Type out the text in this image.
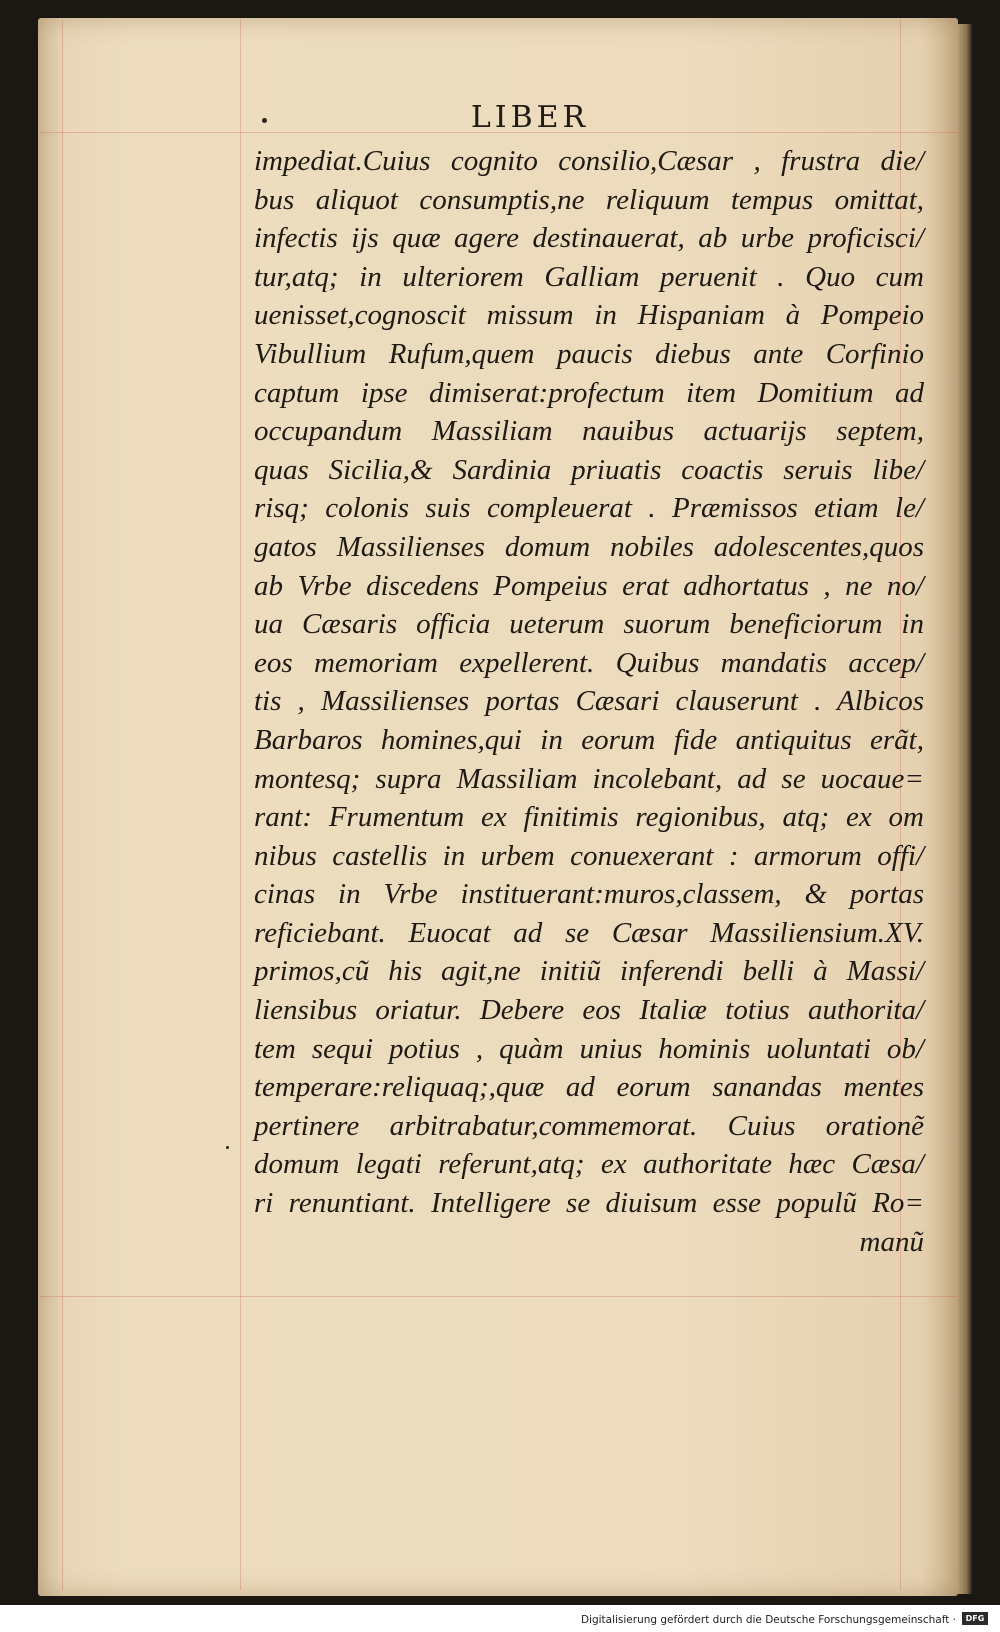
LIBER
impediat.Cuius cognito consilio,Cæsar , frustra die/
bus aliquot consumptis,ne reliquum tempus omittat,
infectis ijs quæ agere destinauerat, ab urbe proficisci/
tur,atq; in ulteriorem Galliam peruenit . Quo cum
uenisset,cognoscit missum in Hispaniam à Pompeio
Vibullium Rufum,quem paucis diebus ante Corfinio
captum ipse dimiserat:profectum item Domitium ad
occupandum Massiliam nauibus actuarijs septem,
quas Sicilia,& Sardinia priuatis coactis seruis libe/
risq; colonis suis compleuerat . Præmissos etiam le/
gatos Massilienses domum nobiles adolescentes,quos
ab Vrbe discedens Pompeius erat adhortatus , ne no/
ua Cæsaris officia ueterum suorum beneficiorum in
eos memoriam expellerent. Quibus mandatis accep/
tis , Massilienses portas Cæsari clauserunt . Albicos
Barbaros homines,qui in eorum fide antiquitus erãt,
montesq; supra Massiliam incolebant, ad se uocaue=
rant: Frumentum ex finitimis regionibus, atq; ex om
nibus castellis in urbem conuexerant : armorum offi/
cinas in Vrbe instituerant:muros,classem, & portas
reficiebant. Euocat ad se Cæsar Massiliensium.XV.
primos,cũ his agit,ne initiũ inferendi belli à Massi/
liensibus oriatur. Debere eos Italiæ totius authorita/
tem sequi potius , quàm unius hominis uoluntati ob/
temperare:reliquaq;,quæ ad eorum sanandas mentes
pertinere arbitrabatur,commemorat. Cuius orationẽ
domum legati referunt,atq; ex authoritate hæc Cæsa/
ri renuntiant. Intelligere se diuisum esse populũ Ro=
manũ
Digitalisierung gefördert durch die Deutsche Forschungsgemeinschaft ·	DFG
